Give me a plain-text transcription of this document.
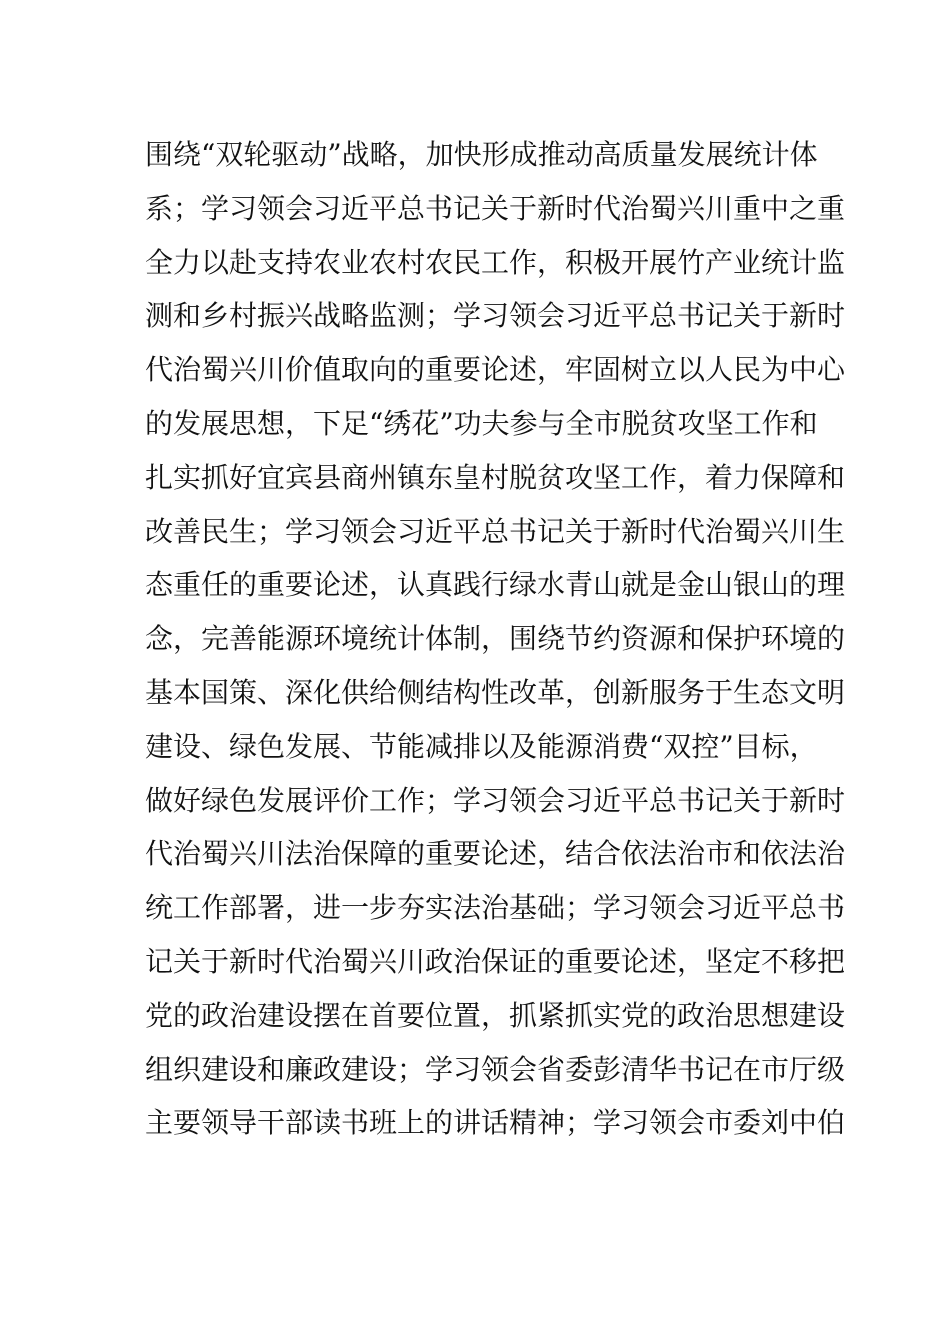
围绕“双轮驱动”战略，加快形成推动高质量发展统计体
系；学习领会习近平总书记关于新时代治蜀兴川重中之重
全力以赴支持农业农村农民工作，积极开展竹产业统计监
测和乡村振兴战略监测；学习领会习近平总书记关于新时
代治蜀兴川价值取向的重要论述，牢固树立以人民为中心
的发展思想，下足“绣花”功夫参与全市脱贫攻坚工作和
扎实抓好宜宾县商州镇东皇村脱贫攻坚工作，着力保障和
改善民生；学习领会习近平总书记关于新时代治蜀兴川生
态重任的重要论述，认真践行绿水青山就是金山银山的理
念，完善能源环境统计体制，围绕节约资源和保护环境的
基本国策、深化供给侧结构性改革，创新服务于生态文明
建设、绿色发展、节能减排以及能源消费“双控”目标，
做好绿色发展评价工作；学习领会习近平总书记关于新时
代治蜀兴川法治保障的重要论述，结合依法治市和依法治
统工作部署，进一步夯实法治基础；学习领会习近平总书
记关于新时代治蜀兴川政治保证的重要论述，坚定不移把
党的政治建设摆在首要位置，抓紧抓实党的政治思想建设
组织建设和廉政建设；学习领会省委彭清华书记在市厅级
主要领导干部读书班上的讲话精神；学习领会市委刘中伯
